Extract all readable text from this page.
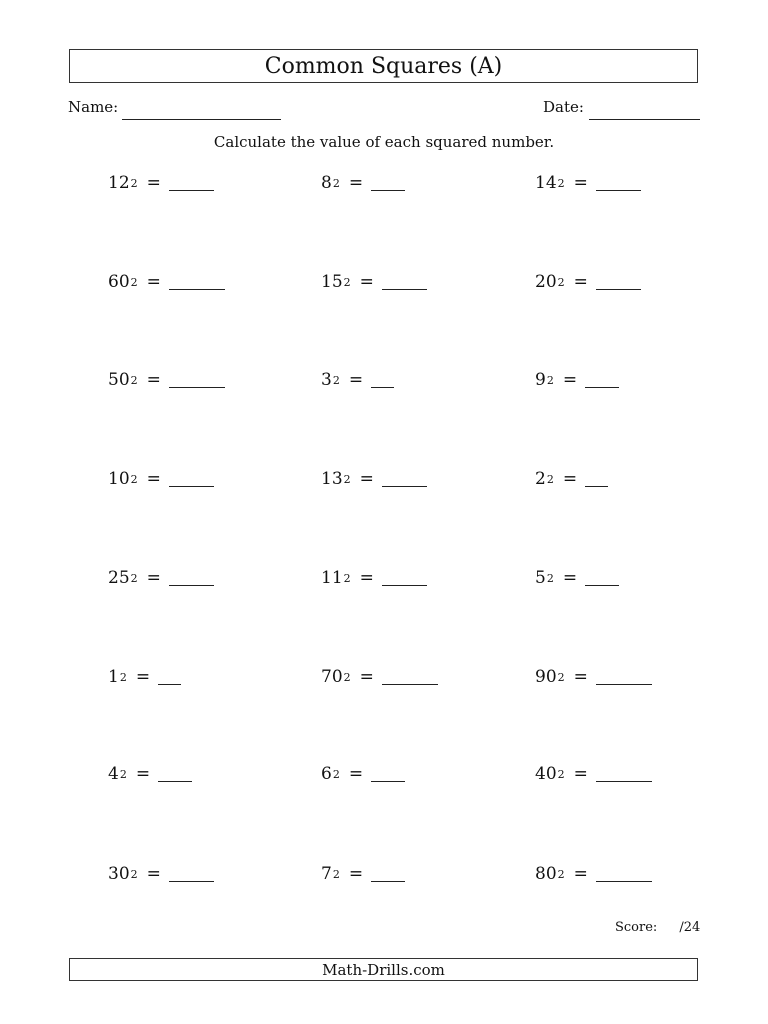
Common Squares (A)
Name:	Date:
Calculate the value of each squared number.
$12^2$ =	$8^2$ =	$14^2$ =
$60^2$ =	$15^2$ =	$20^2$ =
$50^2$ =	$3^2$ =	$9^2$ =
$10^2$ =	$13^2$ =	$2^2$ =
$25^2$ =	$11^2$ =	$5^2$ =
$1^2$ =	$70^2$ =	$90^2$ =
$4^2$ =	$6^2$ =	$40^2$ =
$30^2$ =	$7^2$ =	$80^2$ =
Score: /24
Math-Drills.com
